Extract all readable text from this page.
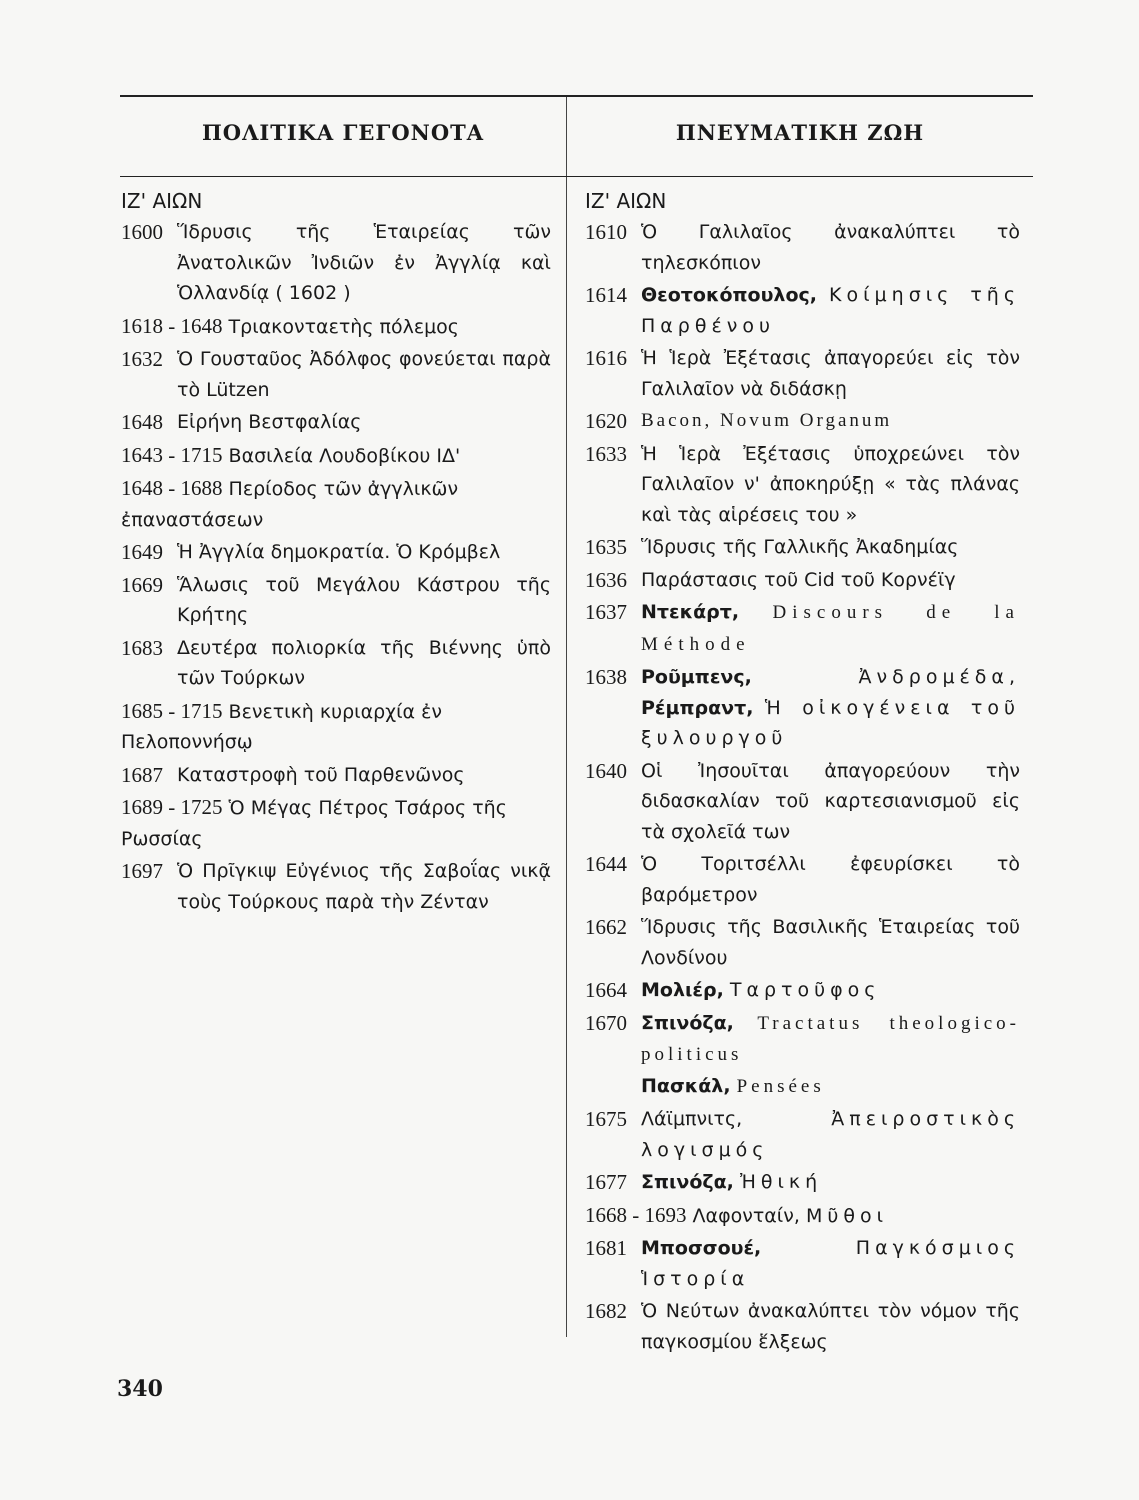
ΠΟΛΙΤΙΚΑ ΓΕΓΟΝΟΤΑ	ΠΝΕΥΜΑΤΙΚΗ ΖΩΗ
ΙΖ' ΑΙΩΝ
1600 Ἵδρυσις τῆς Ἑταιρείας τῶν Ἀνατολικῶν Ἰνδιῶν ἐν Ἀγγλίᾳ καὶ Ὁλλανδίᾳ ( 1602 )
1618 - 1648 Τριακονταετὴς πόλεμος
1632 Ὁ Γουσταῦος Ἀδόλφος φονεύεται παρὰ τὸ Lützen
1648 Εἰρήνη Βεστφαλίας
1643 - 1715 Βασιλεία Λουδοβίκου ΙΔ'
1648 - 1688 Περίοδος τῶν ἀγγλικῶν ἐπαναστάσεων
1649 Ἡ Ἀγγλία δημοκρατία. Ὁ Κρόμβελ
1669 Ἅλωσις τοῦ Μεγάλου Κάστρου τῆς Κρήτης
1683 Δευτέρα πολιορκία τῆς Βιέννης ὑπὸ τῶν Τούρκων
1685 - 1715 Βενετικὴ κυριαρχία ἐν Πελοποννήσῳ
1687 Καταστροφὴ τοῦ Παρθενῶνος
1689 - 1725 Ὁ Μέγας Πέτρος Τσάρος τῆς Ρωσσίας
1697 Ὁ Πρῖγκιψ Εὐγένιος τῆς Σαβοΐας νικᾷ τοὺς Τούρκους παρὰ τὴν Ζένταν
ΙΖ' ΑΙΩΝ
1610 Ὁ Γαλιλαῖος ἀνακαλύπτει τὸ τηλεσκόπιον
1614 Θεοτοκόπουλος, Κοίμησις τῆς Παρθένου
1616 Ἡ Ἱερὰ Ἐξέτασις ἀπαγορεύει εἰς τὸν Γαλιλαῖον νὰ διδάσκῃ
1620 Bacon, Novum Organum
1633 Ἡ Ἱερὰ Ἐξέτασις ὑποχρεώνει τὸν Γαλιλαῖον ν' ἀποκηρύξῃ « τὰς πλάνας καὶ τὰς αἱρέσεις του »
1635 Ἵδρυσις τῆς Γαλλικῆς Ἀκαδημίας
1636 Παράστασις τοῦ Cid τοῦ Κορνέϊγ
1637 Ντεκάρτ, Discours de la Méthode
1638 Ροῦμπενς,	Ἀνδρομέδα, Ρέμπραντ, Ἡ οἰκογένεια τοῦ ξυλουργοῦ
1640 Οἱ Ἰησουῖται ἀπαγορεύουν τὴν διδασκαλίαν τοῦ καρτεσιανισμοῦ εἰς τὰ σχολεῖά των
1644 Ὁ Τοριτσέλλι ἐφευρίσκει τὸ βαρόμετρον
1662 Ἵδρυσις τῆς Βασιλικῆς Ἑταιρείας τοῦ Λονδίνου
1664 Μολιέρ, Ταρτοῦφος
1670 Σπινόζα, Tractatus theologico-politicus
Πασκάλ, Pensées
1675 Λάϊμπνιτς,	Ἀπειροστικὸς λογισμός
1677 Σπινόζα, Ἠθική
1668 - 1693 Λαφονταίν, Μῦθοι
1681 Μποσσουέ,	Παγκόσμιος Ἱστορία
1682 Ὁ Νεύτων ἀνακαλύπτει τὸν νόμον τῆς παγκοσμίου ἕλξεως
340
